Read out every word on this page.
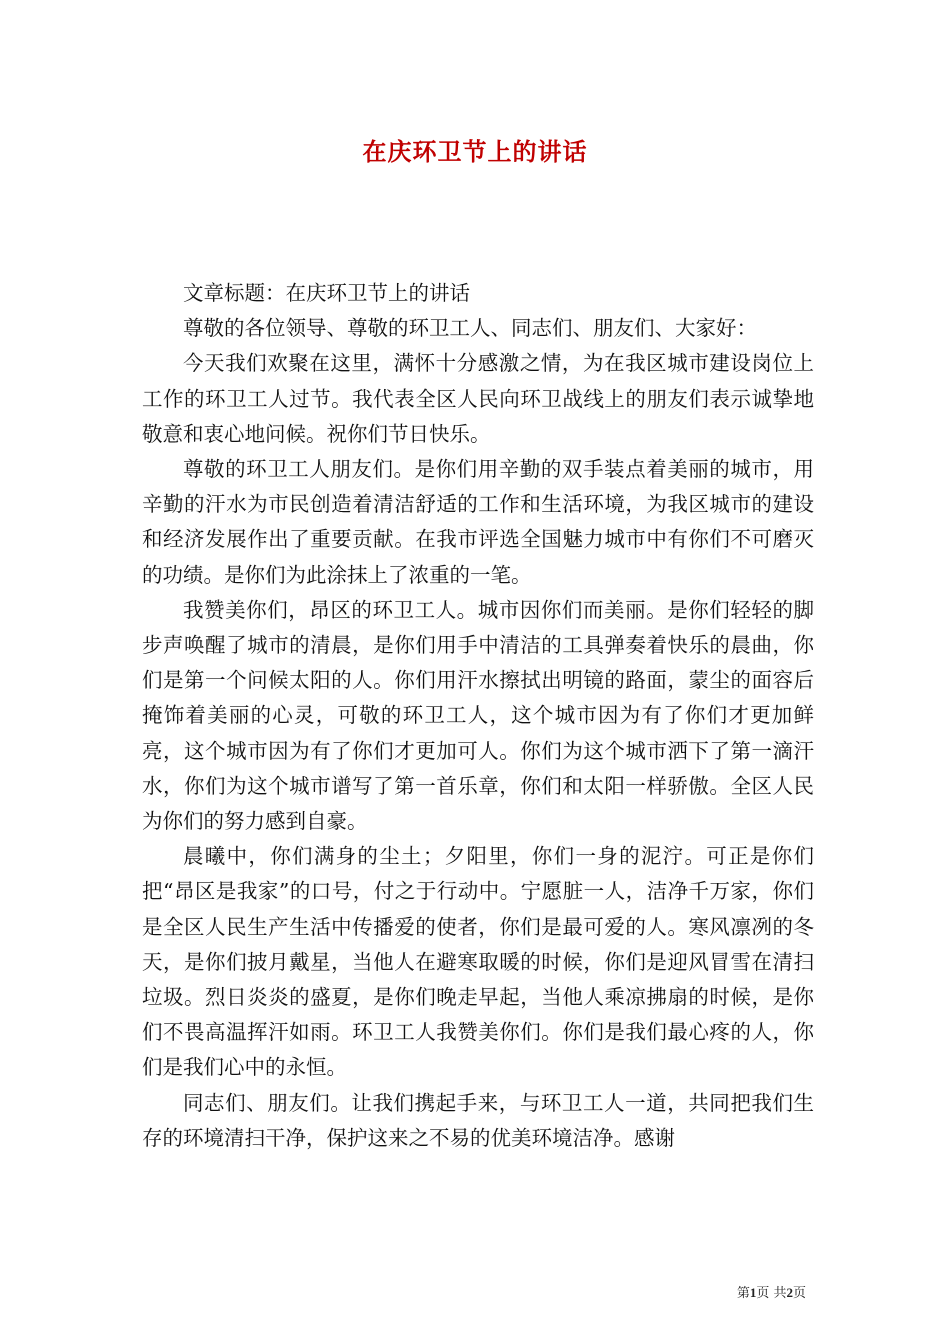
在庆环卫节上的讲话

文章标题：在庆环卫节上的讲话

尊敬的各位领导、尊敬的环卫工人、同志们、朋友们、大家好：

今天我们欢聚在这里，满怀十分感激之情，为在我区城市建设岗位上工作的环卫工人过节。我代表全区人民向环卫战线上的朋友们表示诚挚地敬意和衷心地问候。祝你们节日快乐。

尊敬的环卫工人朋友们。是你们用辛勤的双手装点着美丽的城市，用辛勤的汗水为市民创造着清洁舒适的工作和生活环境，为我区城市的建设和经济发展作出了重要贡献。在我市评选全国魅力城市中有你们不可磨灭的功绩。是你们为此涂抹上了浓重的一笔。

我赞美你们，昂区的环卫工人。城市因你们而美丽。是你们轻轻的脚步声唤醒了城市的清晨，是你们用手中清洁的工具弹奏着快乐的晨曲，你们是第一个问候太阳的人。你们用汗水擦拭出明镜的路面，蒙尘的面容后掩饰着美丽的心灵，可敬的环卫工人，这个城市因为有了你们才更加鲜亮，这个城市因为有了你们才更加可人。你们为这个城市洒下了第一滴汗水，你们为这个城市谱写了第一首乐章，你们和太阳一样骄傲。全区人民为你们的努力感到自豪。

晨曦中，你们满身的尘土；夕阳里，你们一身的泥泞。可正是你们把“昂区是我家”的口号，付之于行动中。宁愿脏一人，洁净千万家，你们是全区人民生产生活中传播爱的使者，你们是最可爱的人。寒风凛冽的冬天，是你们披月戴星，当他人在避寒取暖的时候，你们是迎风冒雪在清扫垃圾。烈日炎炎的盛夏，是你们晚走早起，当他人乘凉拂扇的时候，是你们不畏高温挥汗如雨。环卫工人我赞美你们。你们是我们最心疼的人，你们是我们心中的永恒。

同志们、朋友们。让我们携起手来，与环卫工人一道，共同把我们生存的环境清扫干净，保护这来之不易的优美环境洁净。感谢

第1页 共2页
